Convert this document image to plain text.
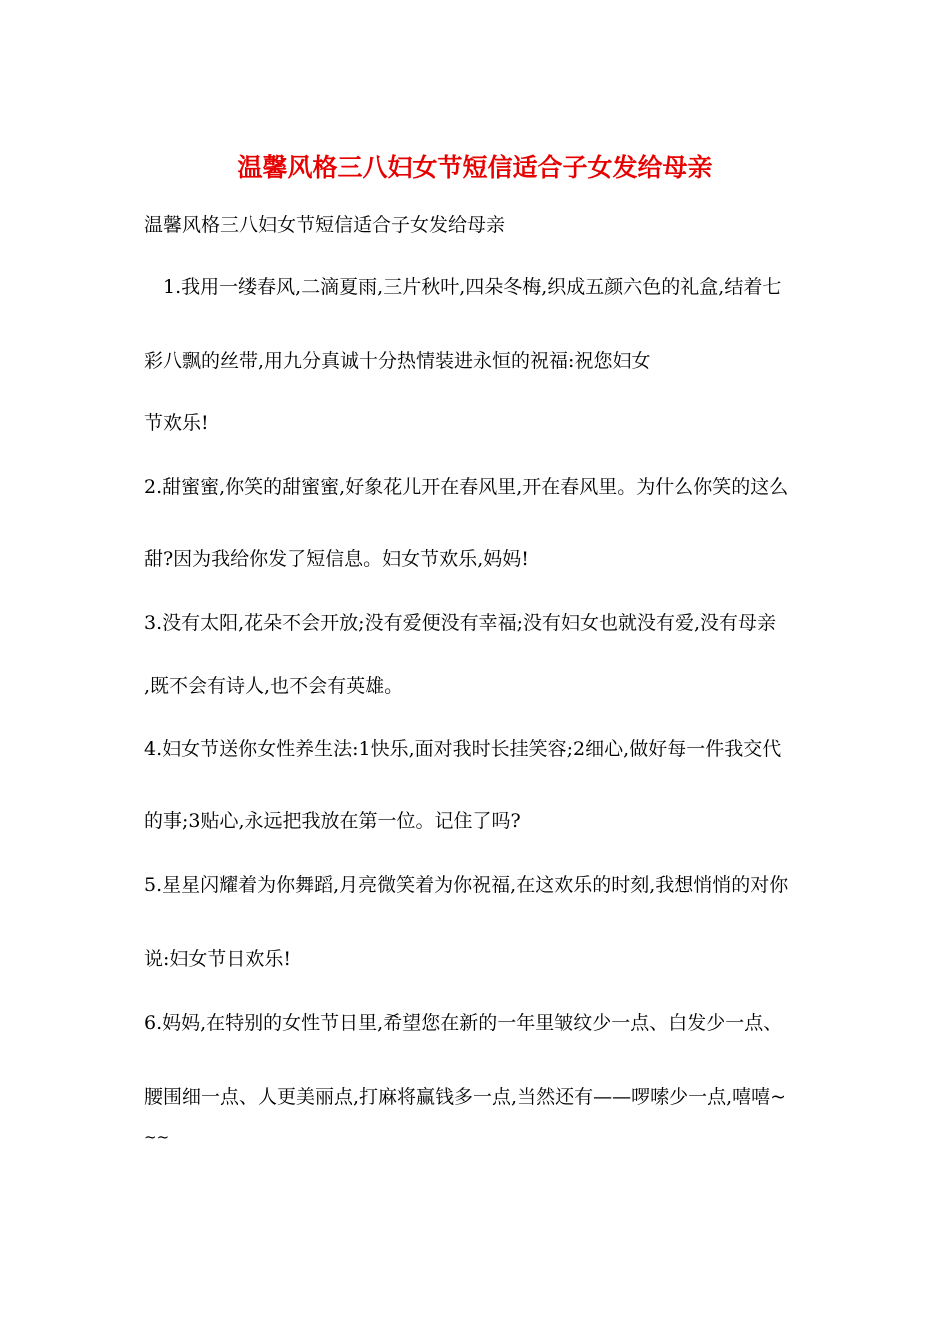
温馨风格三八妇女节短信适合子女发给母亲
温馨风格三八妇女节短信适合子女发给母亲
1.我用一缕春风,二滴夏雨,三片秋叶,四朵冬梅,织成五颜六色的礼盒,结着七
彩八飘的丝带,用九分真诚十分热情装进永恒的祝福:祝您妇女
节欢乐!
2.甜蜜蜜,你笑的甜蜜蜜,好象花儿开在春风里,开在春风里。为什么你笑的这么
甜?因为我给你发了短信息。妇女节欢乐,妈妈!
3.没有太阳,花朵不会开放;没有爱便没有幸福;没有妇女也就没有爱,没有母亲
,既不会有诗人,也不会有英雄。
4.妇女节送你女性养生法:1快乐,面对我时长挂笑容;2细心,做好每一件我交代
的事;3贴心,永远把我放在第一位。记住了吗?
5.星星闪耀着为你舞蹈,月亮微笑着为你祝福,在这欢乐的时刻,我想悄悄的对你
说:妇女节日欢乐!
6.妈妈,在特别的女性节日里,希望您在新的一年里皱纹少一点、白发少一点、
腰围细一点、人更美丽点,打麻将赢钱多一点,当然还有——啰嗦少一点,嘻嘻~
~~
